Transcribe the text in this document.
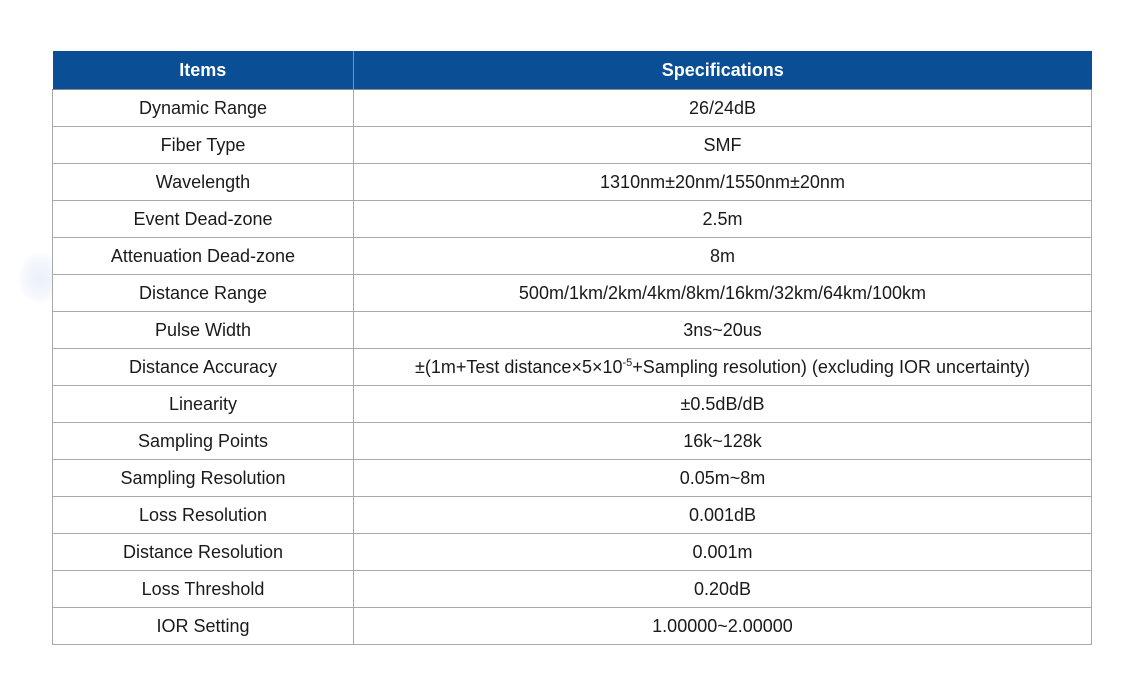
Items	Specifications
Dynamic Range	26/24dB
Fiber Type	SMF
Wavelength	1310nm±20nm/1550nm±20nm
Event Dead-zone	2.5m
Attenuation Dead-zone	8m
Distance Range	500m/1km/2km/4km/8km/16km/32km/64km/100km
Pulse Width	3ns~20us
Distance Accuracy	±(1m+Test $distance\times 5\times 10^{-5}+Sampling$ resolution) (excluding IOR uncertainty)
Linearity	±0.5dB/dB
Sampling Points	16k~128k
Sampling Resolution	0.05m~8m
Loss Resolution	0.001dB
Distance Resolution	0.001m
Loss Threshold	0.20dB
IOR Setting	1.00000~2.00000
